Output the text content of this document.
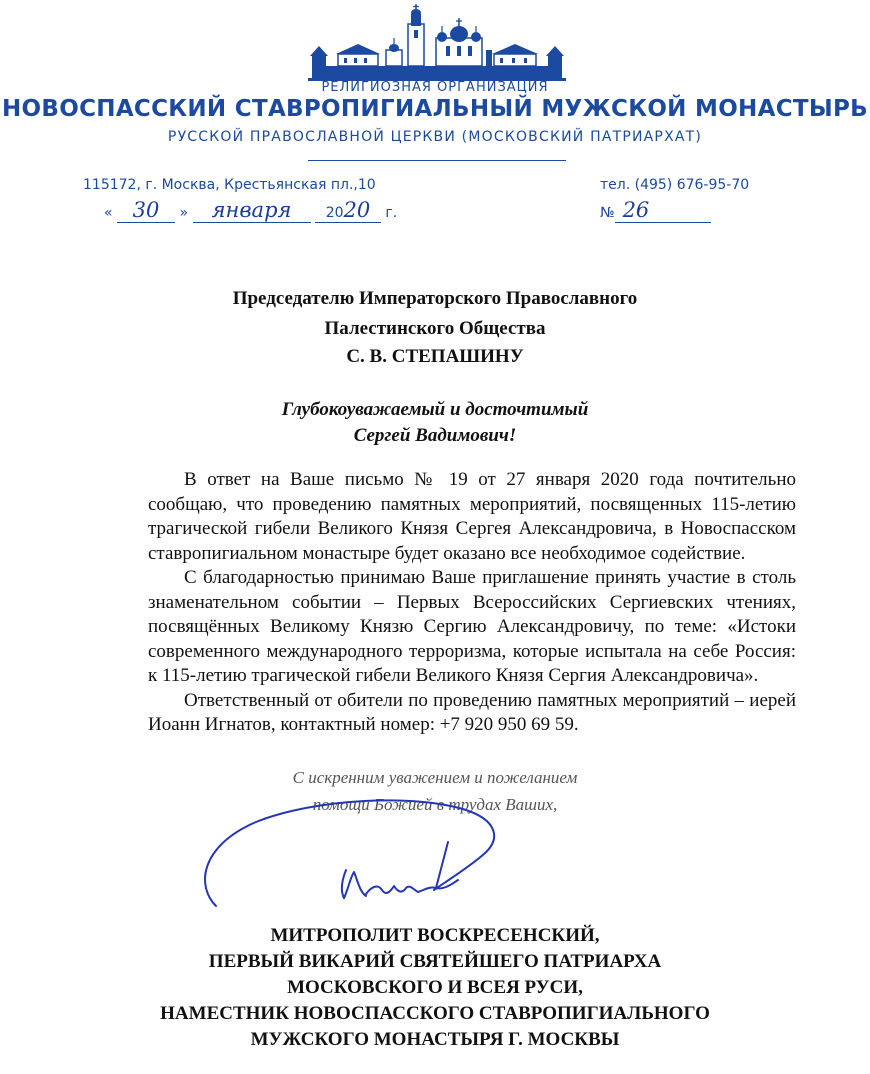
РЕЛИГИОЗНАЯ ОРГАНИЗАЦИЯ
НОВОСПАССКИЙ СТАВРОПИГИАЛЬНЫЙ МУЖСКОЙ МОНАСТЫРЬ
РУССКОЙ ПРАВОСЛАВНОЙ ЦЕРКВИ (МОСКОВСКИЙ ПАТРИАРХАТ)
115172, г. Москва, Крестьянская пл.,10	тел. (495) 676-95-70
« 30 » января 2020 г.	№ 26
Председателю Императорского Православного
Палестинского Общества
С. В. СТЕПАШИНУ
Глубокоуважаемый и досточтимый
Сергей Вадимович!

В ответ на Ваше письмо № 19 от 27 января 2020 года почтительно сообщаю, что проведению памятных мероприятий, посвященных 115-летию трагической гибели Великого Князя Сергея Александровича, в Новоспасском ставропигиальном монастыре будет оказано все необходимое содействие.

С благодарностью принимаю Ваше приглашение принять участие в столь знаменательном событии – Первых Всероссийских Сергиевских чтениях, посвящённых Великому Князю Сергию Александровичу, по теме: «Истоки современного международного терроризма, которые испытала на себе Россия: к 115-летию трагической гибели Великого Князя Сергия Александровича».

Ответственный от обители по проведению памятных мероприятий – иерей Иоанн Игнатов, контактный номер: +7 920 950 69 59.

С искренним уважением и пожеланием
помощи Божией в трудах Ваших,
МИТРОПОЛИТ ВОСКРЕСЕНСКИЙ,
ПЕРВЫЙ ВИКАРИЙ СВЯТЕЙШЕГО ПАТРИАРХА
МОСКОВСКОГО И ВСЕЯ РУСИ,
НАМЕСТНИК НОВОСПАССКОГО СТАВРОПИГИАЛЬНОГО
МУЖСКОГО МОНАСТЫРЯ Г. МОСКВЫ
